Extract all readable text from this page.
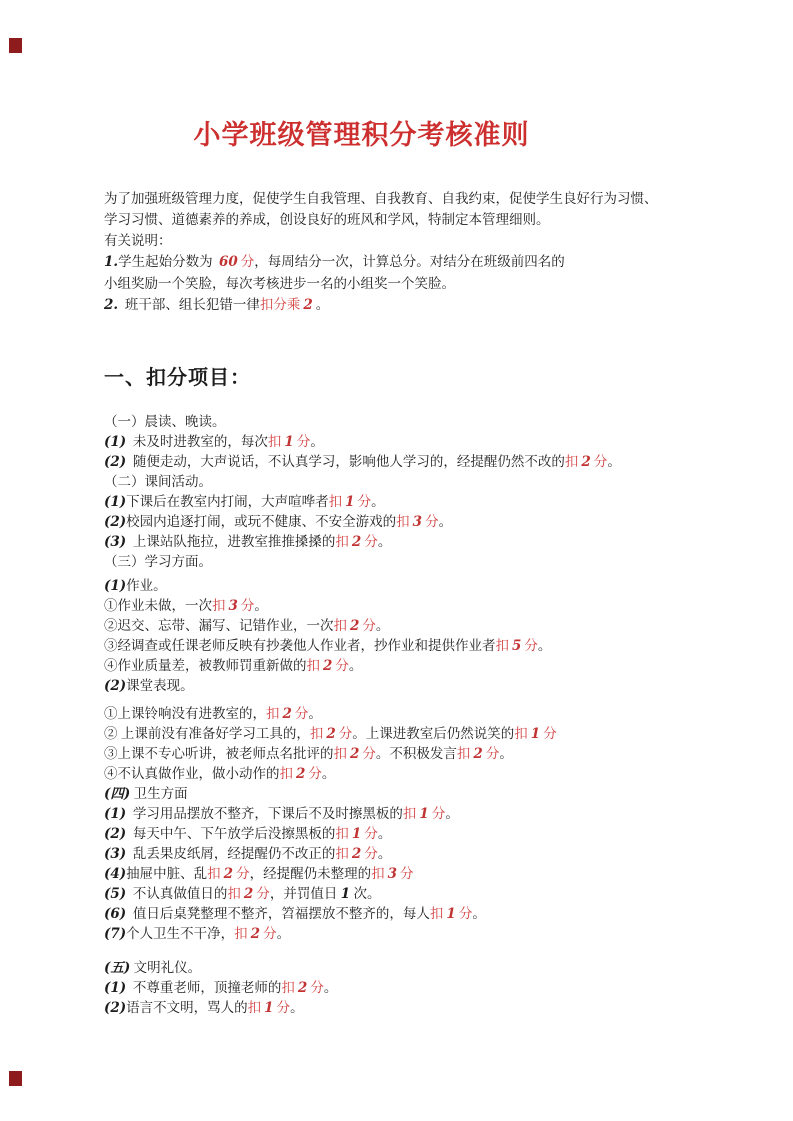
小学班级管理积分考核准则
为了加强班级管理力度，促使学生自我管理、自我教育、自我约束，促使学生良好行为习惯、
学习习惯、道德素养的养成，创设良好的班风和学风，特制定本管理细则。
有关说明：
1.学生起始分数为 60 分，每周结分一次，计算总分。对结分在班级前四名的
小组奖励一个笑脸，每次考核进步一名的小组奖一个笑脸。
2.  班干部、组长犯错一律扣分乘 2 。
一、扣分项目：
（一）晨读、晚读。
(1)  未及时进教室的，每次扣 1 分。
(2)  随便走动，大声说话，不认真学习，影响他人学习的，经提醒仍然不改的扣 2 分。
（二）课间活动。
(1)下课后在教室内打闹，大声喧哗者扣 1 分。
(2)校园内追逐打闹，或玩不健康、不安全游戏的扣 3 分。
(3)  上课站队拖拉，进教室推推搡搡的扣 2 分。
（三）学习方面。
(1)作业。
①作业未做，一次扣 3 分。
②迟交、忘带、漏写、记错作业，一次扣 2 分。
③经调查或任课老师反映有抄袭他人作业者，抄作业和提供作业者扣 5 分。
④作业质量差，被教师罚重新做的扣 2 分。
(2)课堂表现。
①上课铃响没有进教室的，扣 2 分。
② 上课前没有准备好学习工具的，扣 2 分。上课进教室后仍然说笑的扣 1 分
③上课不专心听讲，被老师点名批评的扣 2 分。不积极发言扣 2 分。
④不认真做作业，做小动作的扣 2 分。
(四) 卫生方面
(1)  学习用品摆放不整齐，下课后不及时擦黑板的扣 1 分。
(2)  每天中午、下午放学后没擦黑板的扣 1 分。
(3)  乱丢果皮纸屑，经提醒仍不改正的扣 2 分。
(4)抽屉中脏、乱扣 2 分，经提醒仍未整理的扣 3 分
(5)  不认真做值日的扣 2 分，并罚值日 1 次。
(6)  值日后桌凳整理不整齐，笤福摆放不整齐的，每人扣 1 分。
(7)个人卫生不干净，扣 2 分。
(五) 文明礼仪。
(1)  不尊重老师，顶撞老师的扣 2 分。
(2)语言不文明，骂人的扣 1 分。
